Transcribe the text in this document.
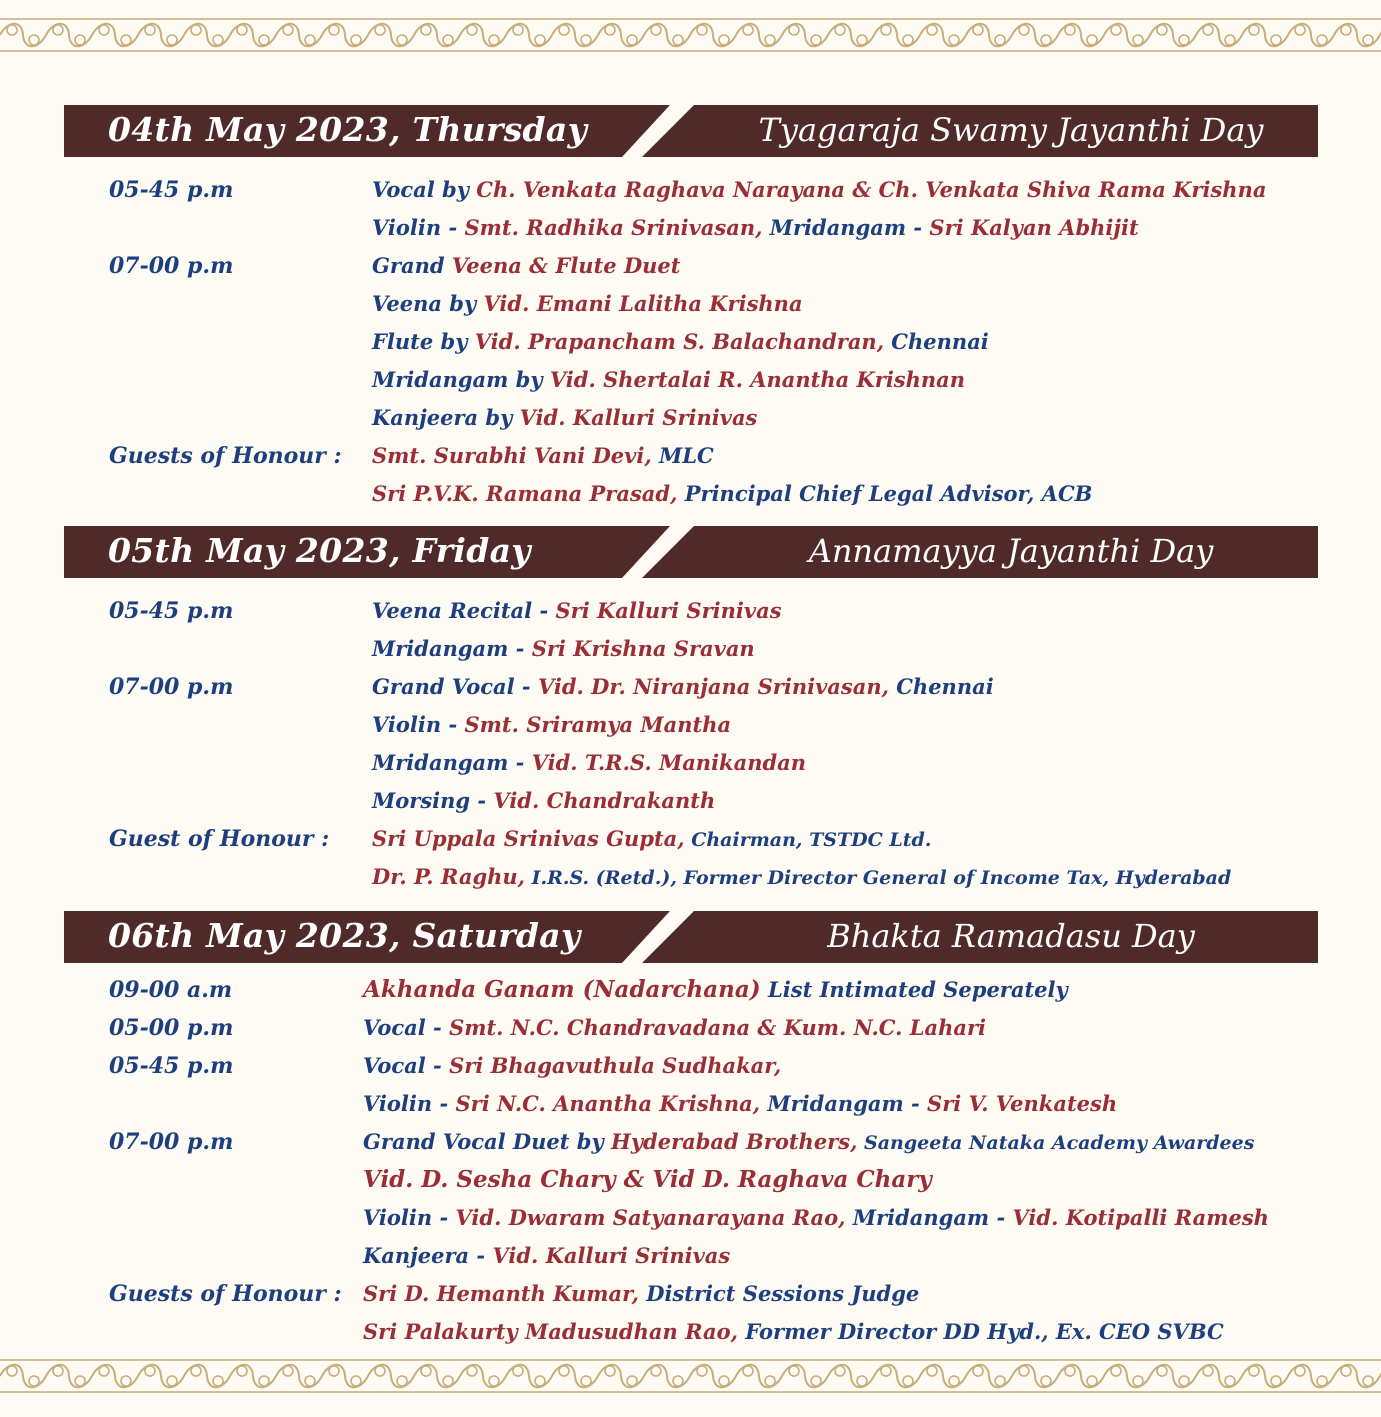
04th May 2023, Thursday	Tyagaraja Swamy Jayanthi Day
05-45 p.m	Vocal by Ch. Venkata Raghava Narayana & Ch. Venkata Shiva Rama Krishna
Violin - Smt. Radhika Srinivasan, Mridangam - Sri Kalyan Abhijit
07-00 p.m	Grand Veena & Flute Duet
Veena by Vid. Emani Lalitha Krishna
Flute by Vid. Prapancham S. Balachandran, Chennai
Mridangam by Vid. Shertalai R. Anantha Krishnan
Kanjeera by Vid. Kalluri Srinivas
Guests of Honour : Smt. Surabhi Vani Devi, MLC
Sri P.V.K. Ramana Prasad, Principal Chief Legal Advisor, ACB
05th May 2023, Friday	Annamayya Jayanthi Day
05-45 p.m	Veena Recital - Sri Kalluri Srinivas
Mridangam - Sri Krishna Sravan
07-00 p.m	Grand Vocal - Vid. Dr. Niranjana Srinivasan, Chennai
Violin - Smt. Sriramya Mantha
Mridangam - Vid. T.R.S. Manikandan
Morsing - Vid. Chandrakanth
Guest of Honour : Sri Uppala Srinivas Gupta, Chairman, TSTDC Ltd.
Dr. P. Raghu, I.R.S. (Retd.), Former Director General of Income Tax, Hyderabad
06th May 2023, Saturday	Bhakta Ramadasu Day
09-00 a.m	Akhanda Ganam (Nadarchana) List Intimated Seperately
05-00 p.m	Vocal - Smt. N.C. Chandravadana & Kum. N.C. Lahari
05-45 p.m	Vocal - Sri Bhagavuthula Sudhakar,
Violin - Sri N.C. Anantha Krishna, Mridangam - Sri V. Venkatesh
07-00 p.m	Grand Vocal Duet by Hyderabad Brothers, Sangeeta Nataka Academy Awardees
Vid. D. Sesha Chary & Vid D. Raghava Chary
Violin - Vid. Dwaram Satyanarayana Rao, Mridangam - Vid. Kotipalli Ramesh
Kanjeera - Vid. Kalluri Srinivas
Guests of Honour : Sri D. Hemanth Kumar, District Sessions Judge
Sri Palakurty Madusudhan Rao, Former Director DD Hyd., Ex. CEO SVBC
